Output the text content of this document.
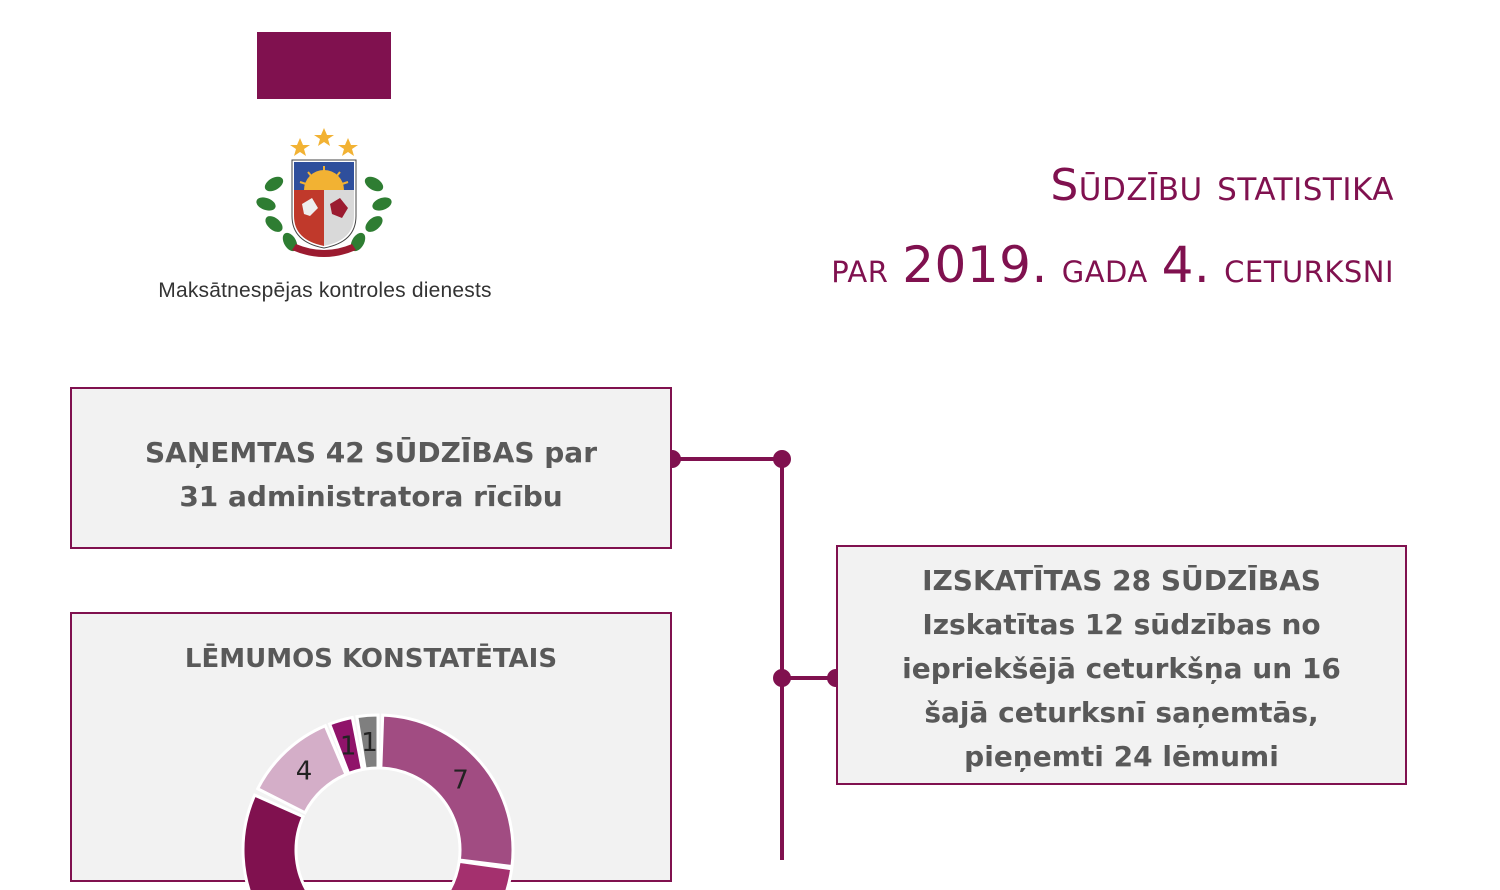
Maksātnespējas kontroles dienests
Sūdzību statistika
par 2019. gada 4. ceturksni
SAŅEMTAS 42 SŪDZĪBAS par
31 administratora rīcību
IZSKATĪTAS 28 SŪDZĪBAS
Izskatītas 12 sūdzības no
iepriekšējā ceturkšņa un 16
šajā ceturksnī saņemtās,
pieņemti 24 lēmumi
LĒMUMOS KONSTATĒTAIS
7
4
1 1
